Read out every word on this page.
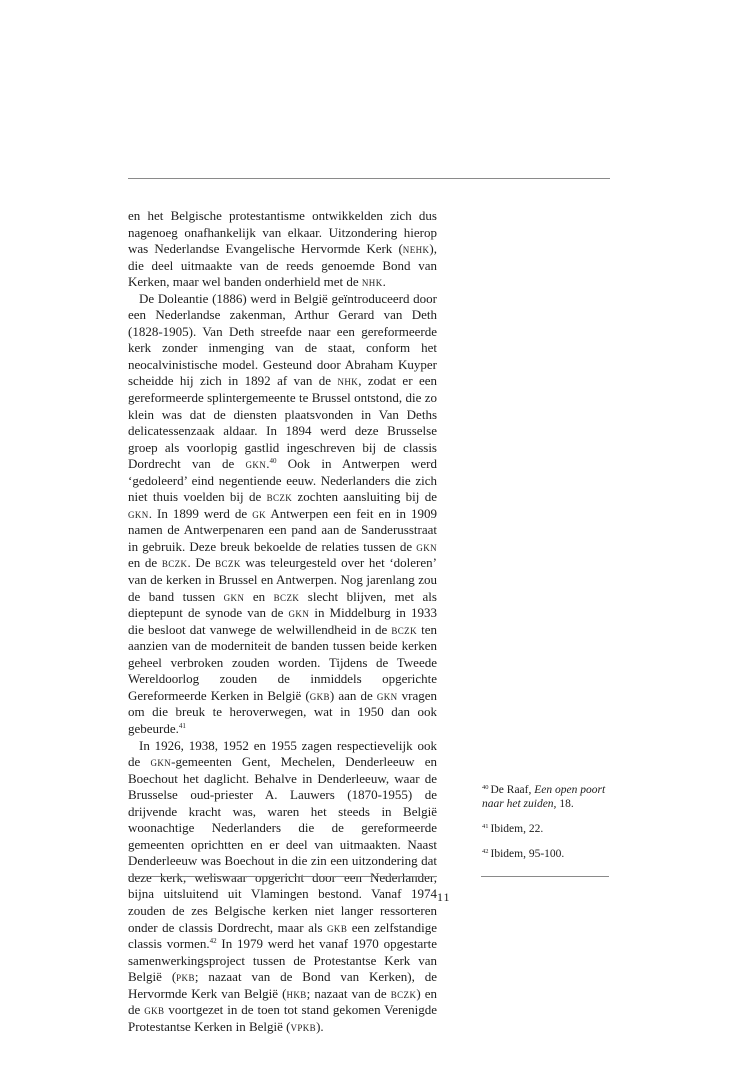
en het Belgische protestantisme ontwikkelden zich dus nagenoeg onafhankelijk van elkaar. Uitzondering hierop was Nederlandse Evangelische Hervormde Kerk (nehk), die deel uitmaakte van de reeds genoemde Bond van Kerken, maar wel banden onderhield met de nhk.

De Doleantie (1886) werd in België geïntroduceerd door een Nederlandse zakenman, Arthur Gerard van Deth (1828-1905). Van Deth streefde naar een gereformeerde kerk zonder inmenging van de staat, conform het neocalvinistische model. Gesteund door Abraham Kuyper scheidde hij zich in 1892 af van de nhk, zodat er een gereformeerde splintergemeente te Brussel ontstond, die zo klein was dat de diensten plaatsvonden in Van Deths delicatessenzaak aldaar. In 1894 werd deze Brusselse groep als voorlopig gastlid ingeschreven bij de classis Dordrecht van de gkn.$^{40}$ Ook in Antwerpen werd ‘gedoleerd’ eind negentiende eeuw. Nederlanders die zich niet thuis voelden bij de bczk zochten aansluiting bij de gkn. In 1899 werd de gk Antwerpen een feit en in 1909 namen de Antwerpenaren een pand aan de Sanderusstraat in gebruik. Deze breuk bekoelde de relaties tussen de gkn en de bczk. De bczk was teleurgesteld over het ‘doleren’ van de kerken in Brussel en Antwerpen. Nog jarenlang zou de band tussen gkn en bczk slecht blijven, met als dieptepunt de synode van de gkn in Middelburg in 1933 die besloot dat vanwege de welwillendheid in de bczk ten aanzien van de moderniteit de banden tussen beide kerken geheel verbroken zouden worden. Tijdens de Tweede Wereldoorlog zouden de inmiddels opgerichte Gereformeerde Kerken in België (gkb) aan de gkn vragen om die breuk te heroverwegen, wat in 1950 dan ook gebeurde.$^{41}$

In 1926, 1938, 1952 en 1955 zagen respectievelijk ook de gkn-gemeenten Gent, Mechelen, Denderleeuw en Boechout het daglicht. Behalve in Denderleeuw, waar de Brusselse oud-priester A. Lauwers (1870-1955) de drijvende kracht was, waren het steeds in België woonachtige Nederlanders die de gereformeerde gemeenten oprichtten en er deel van uitmaakten. Naast Denderleeuw was Boechout in die zin een uitzondering dat deze kerk, weliswaar opgericht door een Nederlander, bijna uitsluitend uit Vlamingen bestond. Vanaf 1974 zouden de zes Belgische kerken niet langer ressorteren onder de classis Dordrecht, maar als gkb een zelfstandige classis vormen.$^{42}$ In 1979 werd het vanaf 1970 opgestarte samenwerkingsproject tussen de Protestantse Kerk van België (pkb; nazaat van de Bond van Kerken), de Hervormde Kerk van België (hkb; nazaat van de bczk) en de gkb voortgezet in de toen tot stand gekomen Verenigde Protestantse Kerken in België (vpkb).

$^{40}$ De Raaf, Een open poort naar het zuiden, 18.

$^{41}$ Ibidem, 22.

$^{42}$ Ibidem, 95-100.

11
